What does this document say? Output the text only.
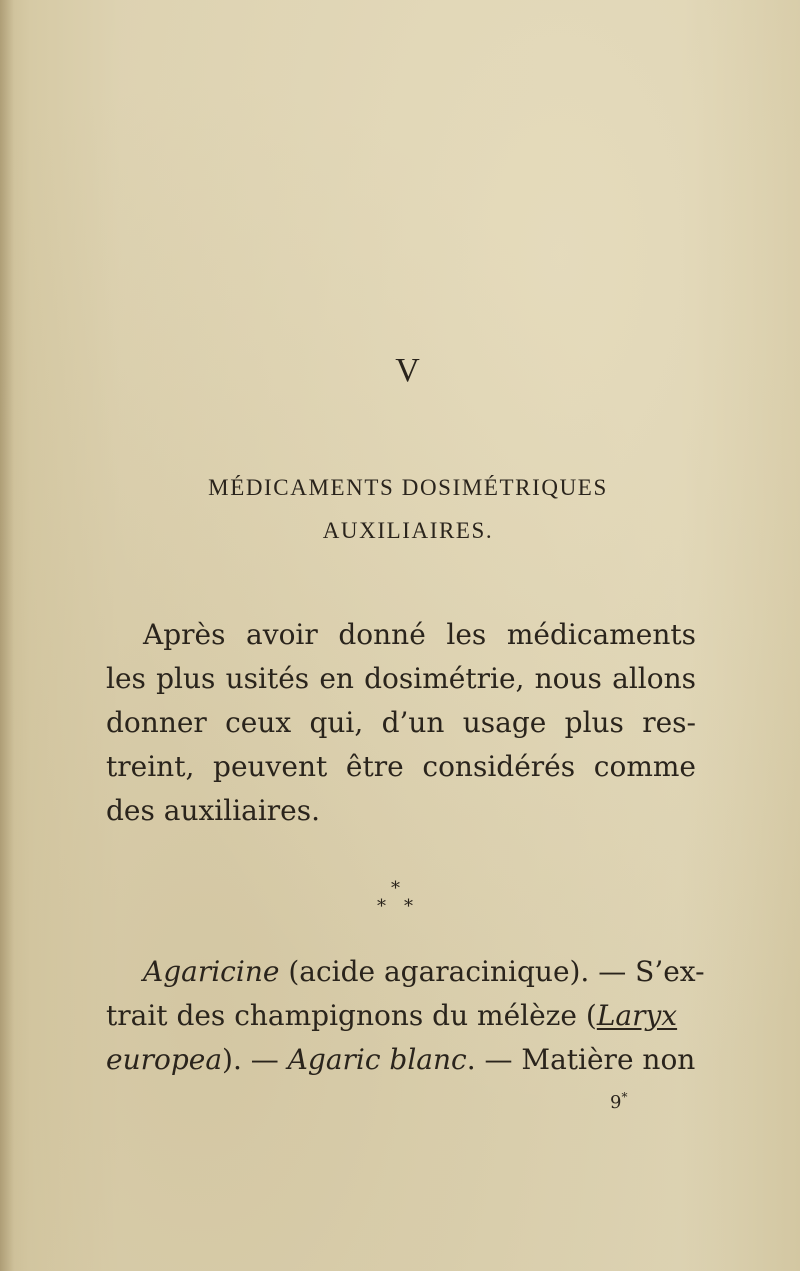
V
MÉDICAMENTS DOSIMÉTRIQUES
AUXILIAIRES.
Après avoir donné les médicaments
les plus usités en dosimétrie, nous allons
donner ceux qui, d’un usage plus res-
treint, peuvent être considérés comme
des auxiliaires.
*
* *
Agaricine (acide agaracinique). — S’ex-
trait des champignons du mélèze (Laryx
europea). — Agaric blanc. — Matière non
9*
